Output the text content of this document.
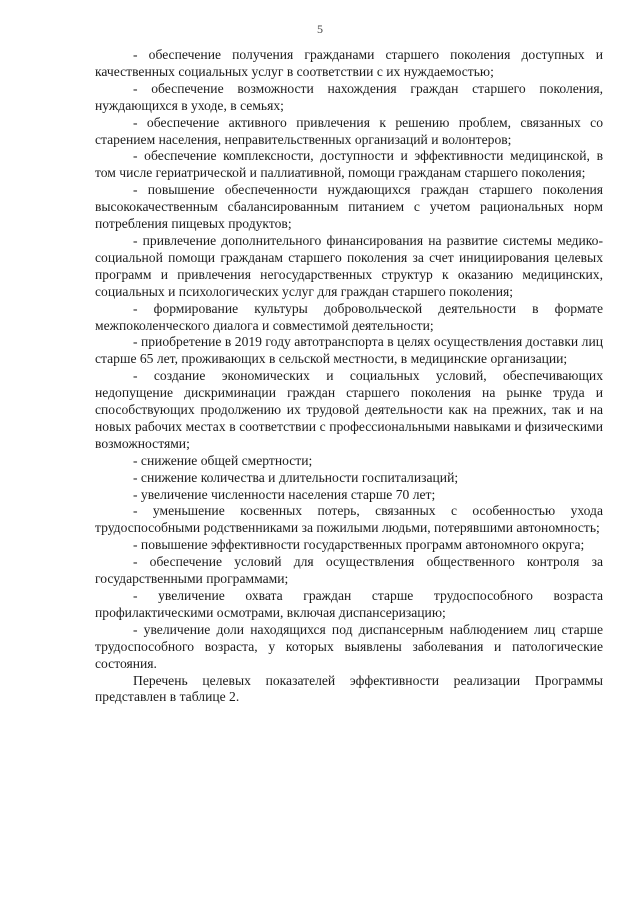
5

- обеспечение получения гражданами старшего поколения доступных и качественных социальных услуг в соответствии с их нуждаемостью;

- обеспечение возможности нахождения граждан старшего поколения, нуждающихся в уходе, в семьях;

- обеспечение активного привлечения к решению проблем, связанных со старением населения, неправительственных организаций и волонтеров;

- обеспечение комплексности, доступности и эффективности медицинской, в том числе гериатрической и паллиативной, помощи гражданам старшего поколения;

- повышение обеспеченности нуждающихся граждан старшего поколения высококачественным сбалансированным питанием с учетом рациональных норм потребления пищевых продуктов;

- привлечение дополнительного финансирования на развитие системы медико-социальной помощи гражданам старшего поколения за счет инициирования целевых программ и привлечения негосударственных структур к оказанию медицинских, социальных и психологических услуг для граждан старшего поколения;

- формирование культуры добровольческой деятельности в формате межпоколенческого диалога и совместимой деятельности;

- приобретение в 2019 году автотранспорта в целях осуществления доставки лиц старше 65 лет, проживающих в сельской местности, в медицинские организации;

- создание экономических и социальных условий, обеспечивающих недопущение дискриминации граждан старшего поколения на рынке труда и способствующих продолжению их трудовой деятельности как на прежних, так и на новых рабочих местах в соответствии с профессиональными навыками и физическими возможностями;

- снижение общей смертности;

- снижение количества и длительности госпитализаций;

- увеличение численности населения старше 70 лет;

- уменьшение косвенных потерь, связанных с особенностью ухода трудоспособными родственниками за пожилыми людьми, потерявшими автономность;

- повышение эффективности государственных программ автономного округа;

- обеспечение условий для осуществления общественного контроля за государственными программами;

- увеличение охвата граждан старше трудоспособного возраста профилактическими осмотрами, включая диспансеризацию;

- увеличение доли находящихся под диспансерным наблюдением лиц старше трудоспособного возраста, у которых выявлены заболевания и патологические состояния.

Перечень целевых показателей эффективности реализации Программы представлен в таблице 2.
